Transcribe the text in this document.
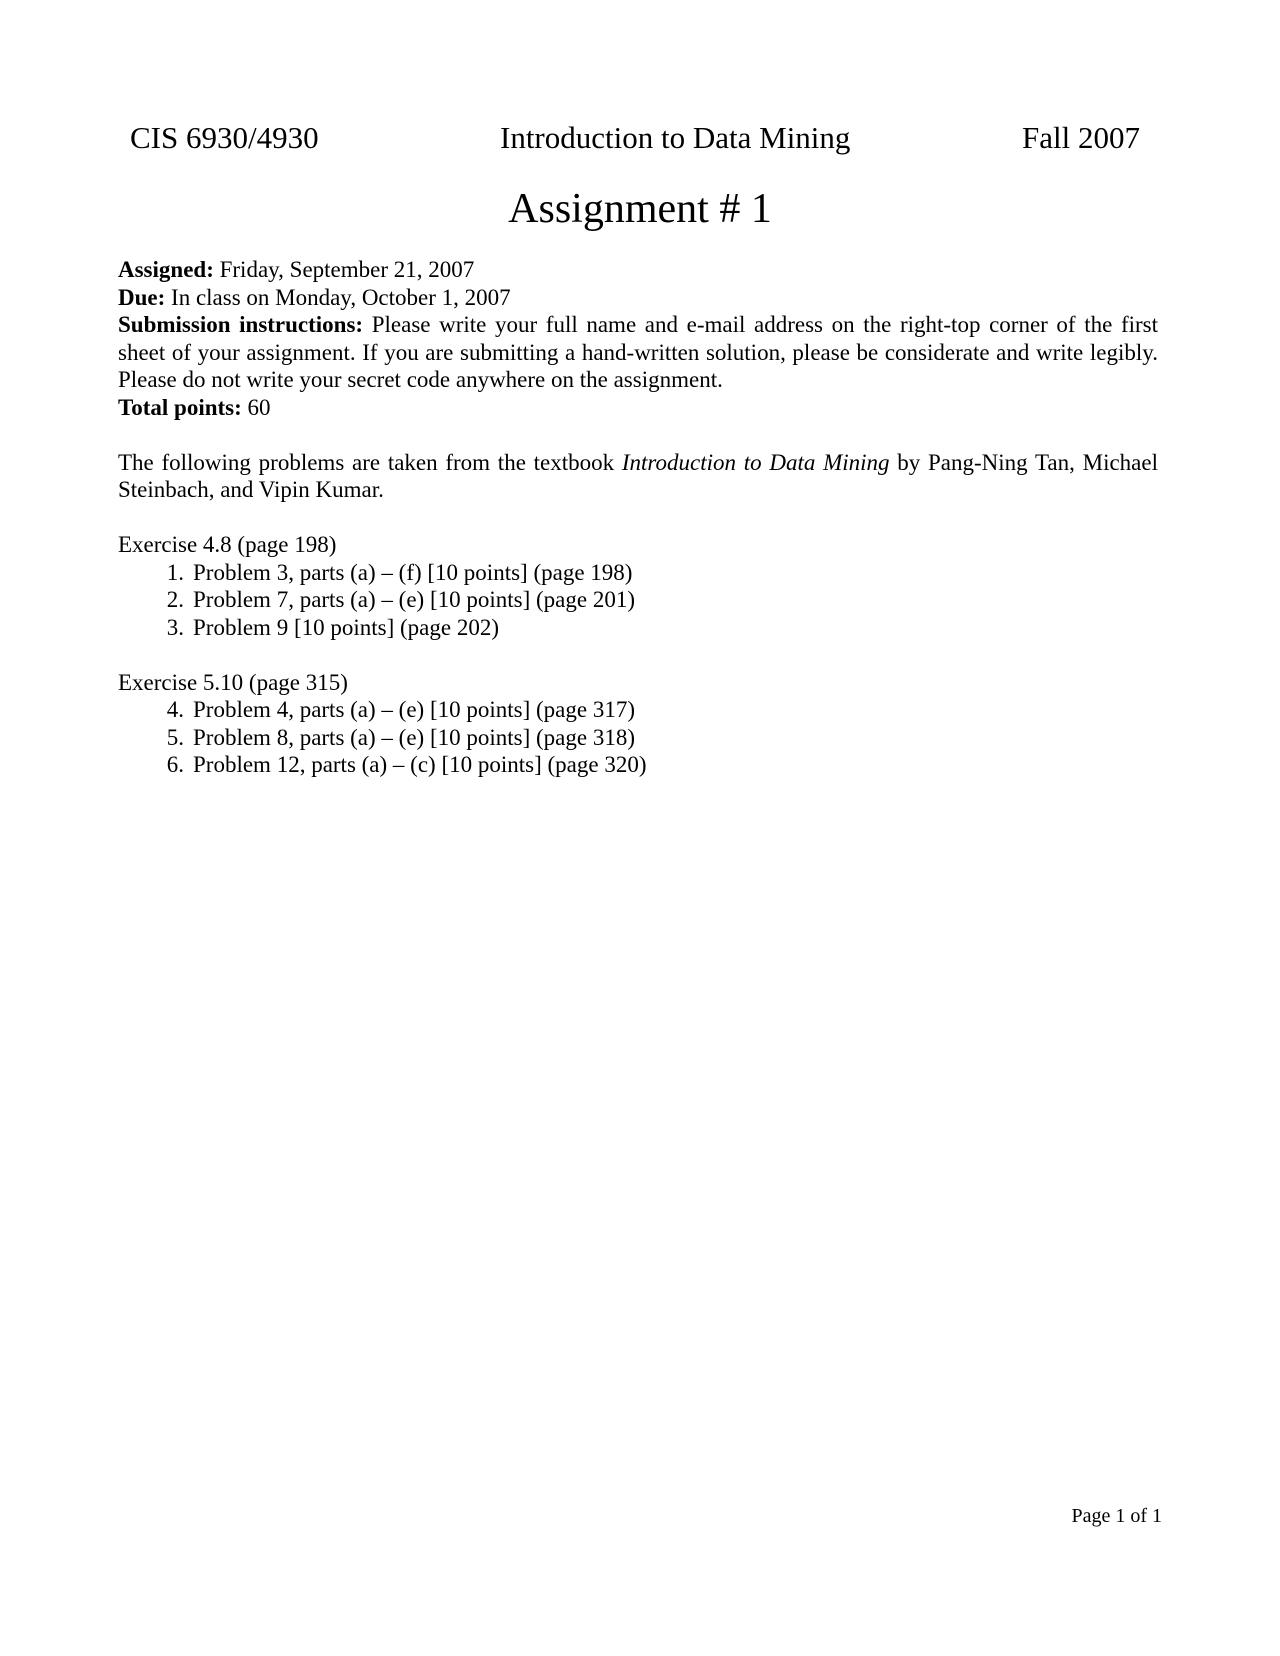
CIS 6930/4930	Introduction to Data Mining	Fall 2007
Assignment # 1

Assigned: Friday, September 21, 2007

Due: In class on Monday, October 1, 2007

Submission instructions: Please write your full name and e-mail address on the right-top corner of the first sheet of your assignment. If you are submitting a hand-written solution, please be considerate and write legibly. Please do not write your secret code anywhere on the assignment.

Total points: 60

The following problems are taken from the textbook Introduction to Data Mining by Pang-Ning Tan, Michael Steinbach, and Vipin Kumar.

Exercise 4.8 (page 198)

1. Problem 3, parts (a) – (f) [10 points] (page 198)
2. Problem 7, parts (a) – (e) [10 points] (page 201)
3. Problem 9 [10 points] (page 202)

Exercise 5.10 (page 315)

4. Problem 4, parts (a) – (e) [10 points] (page 317)
5. Problem 8, parts (a) – (e) [10 points] (page 318)
6. Problem 12, parts (a) – (c) [10 points] (page 320)
Page 1 of 1
